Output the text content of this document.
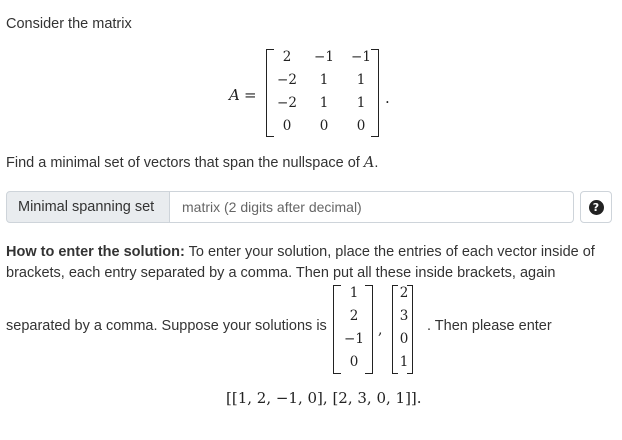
Consider the matrix
A =
2	−1	−1
−2	1	1
−2	1	1
0	0	0
.
Find a minimal set of vectors that span the nullspace of A.
Minimal spanning set
matrix (2 digits after decimal)	?
How to enter the solution: To enter your solution, place the entries of each vector inside of brackets, each entry separated by a comma. Then put all these inside brackets, again
separated by a comma. Suppose your solutions is
1
2
−1
0
,
2
3
0
1
. Then please enter
[[1, 2, −1, 0], [2, 3, 0, 1]].
